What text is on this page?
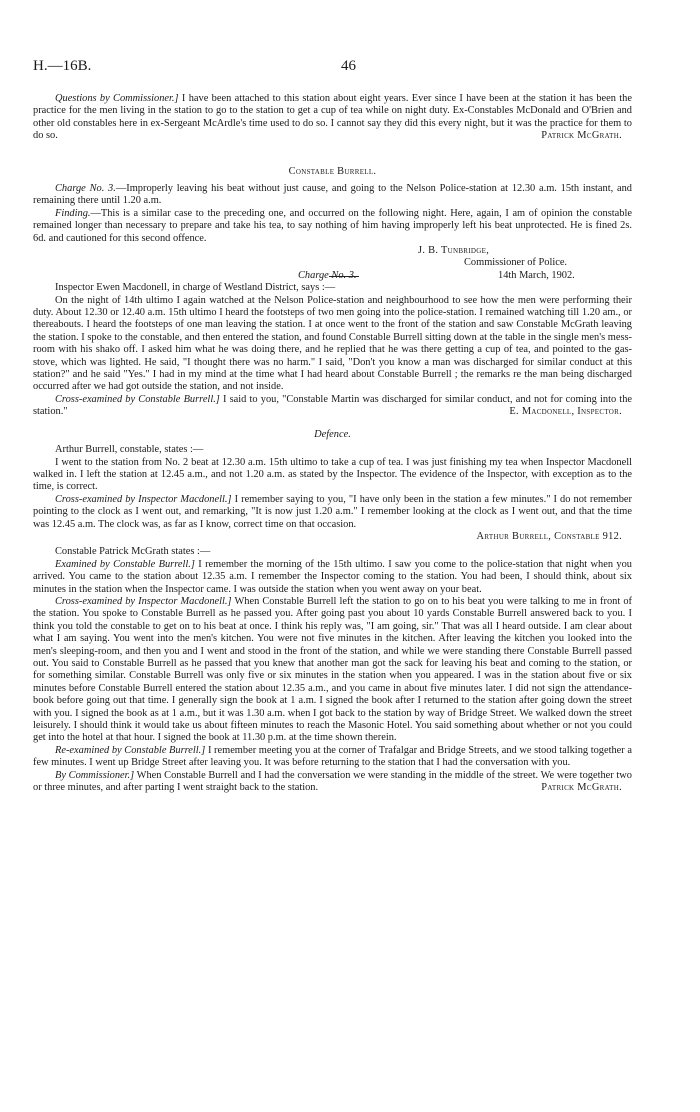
H.—16B.	46

Questions by Commissioner.] I have been attached to this station about eight years. Ever since I have been at the station it has been the practice for the men living in the station to go to the station to get a cup of tea while on night duty. Ex-Constables McDonald and O'Brien and other old constables here in ex-Sergeant McArdle's time used to do so. I cannot say they did this every night, but it was the practice for them to do so.	Patrick McGrath.

Constable Burrell.

Charge No. 3.—Improperly leaving his beat without just cause, and going to the Nelson Police-station at 12.30 a.m. 15th instant, and remaining there until 1.20 a.m.

Finding.—This is a similar case to the preceding one, and occurred on the following night. Here, again, I am of opinion the constable remained longer than necessary to prepare and take his tea, to say nothing of him having improperly left his beat unprotected. He is fined 2s. 6d. and cautioned for this second offence.

J. B. Tunbridge,
Commissioner of Police.
Charge No. 3.	14th March, 1902.

Inspector Ewen Macdonell, in charge of Westland District, says :—

On the night of 14th ultimo I again watched at the Nelson Police-station and neighbourhood to see how the men were performing their duty. About 12.30 or 12.40 a.m. 15th ultimo I heard the footsteps of two men going into the police-station. I remained watching till 1.20 am., or thereabouts. I heard the footsteps of one man leaving the station. I at once went to the front of the station and saw Constable McGrath leaving the station. I spoke to the constable, and then entered the station, and found Constable Burrell sitting down at the table in the single men's mess-room with his shako off. I asked him what he was doing there, and he replied that he was there getting a cup of tea, and pointed to the gas-stove, which was lighted. He said, "I thought there was no harm." I said, "Don't you know a man was discharged for similar conduct at this station?" and he said "Yes." I had in my mind at the time what I had heard about Constable Burrell ; the remarks re the man being discharged occurred after we had got outside the station, and not inside.

Cross-examined by Constable Burrell.] I said to you, "Constable Martin was discharged for similar conduct, and not for coming into the station."	E. Macdonell, Inspector.

Defence.

Arthur Burrell, constable, states :—

I went to the station from No. 2 beat at 12.30 a.m. 15th ultimo to take a cup of tea. I was just finishing my tea when Inspector Macdonell walked in. I left the station at 12.45 a.m., and not 1.20 a.m. as stated by the Inspector. The evidence of the Inspector, with exception as to the time, is correct.

Cross-examined by Inspector Macdonell.] I remember saying to you, "I have only been in the station a few minutes." I do not remember pointing to the clock as I went out, and remarking, "It is now just 1.20 a.m." I remember looking at the clock as I went out, and that the time was 12.45 a.m. The clock was, as far as I know, correct time on that occasion.

Arthur Burrell, Constable 912.

Constable Patrick McGrath states :—

Examined by Constable Burrell.] I remember the morning of the 15th ultimo. I saw you come to the police-station that night when you arrived. You came to the station about 12.35 a.m. I remember the Inspector coming to the station. You had been, I should think, about six minutes in the station when the Inspector came. I was outside the station when you went away on your beat.

Cross-examined by Inspector Macdonell.] When Constable Burrell left the station to go on to his beat you were talking to me in front of the station. You spoke to Constable Burrell as he passed you. After going past you about 10 yards Constable Burrell answered back to you. I think you told the constable to get on to his beat at once. I think his reply was, "I am going, sir." That was all I heard outside. I am clear about what I am saying. You went into the men's kitchen. You were not five minutes in the kitchen. After leaving the kitchen you looked into the men's sleeping-room, and then you and I went and stood in the front of the station, and while we were standing there Constable Burrell passed out. You said to Constable Burrell as he passed that you knew that another man got the sack for leaving his beat and coming to the station, or for something similar. Constable Burrell was only five or six minutes in the station when you appeared. I was in the station about five or six minutes before Constable Burrell entered the station about 12.35 a.m., and you came in about five minutes later. I did not sign the attendance-book before going out that time. I generally sign the book at 1 a.m. I signed the book after I returned to the station after going down the street with you. I signed the book as at 1 a.m., but it was 1.30 a.m. when I got back to the station by way of Bridge Street. We walked down the street leisurely. I should think it would take us about fifteen minutes to reach the Masonic Hotel. You said something about whether or not you could get into the hotel at that hour. I signed the book at 11.30 p.m. at the time shown therein.

Re-examined by Constable Burrell.] I remember meeting you at the corner of Trafalgar and Bridge Streets, and we stood talking together a few minutes. I went up Bridge Street after leaving you. It was before returning to the station that I had the conversation with you.

By Commissioner.] When Constable Burrell and I had the conversation we were standing in the middle of the street. We were together two or three minutes, and after parting I went straight back to the station.	Patrick McGrath.
